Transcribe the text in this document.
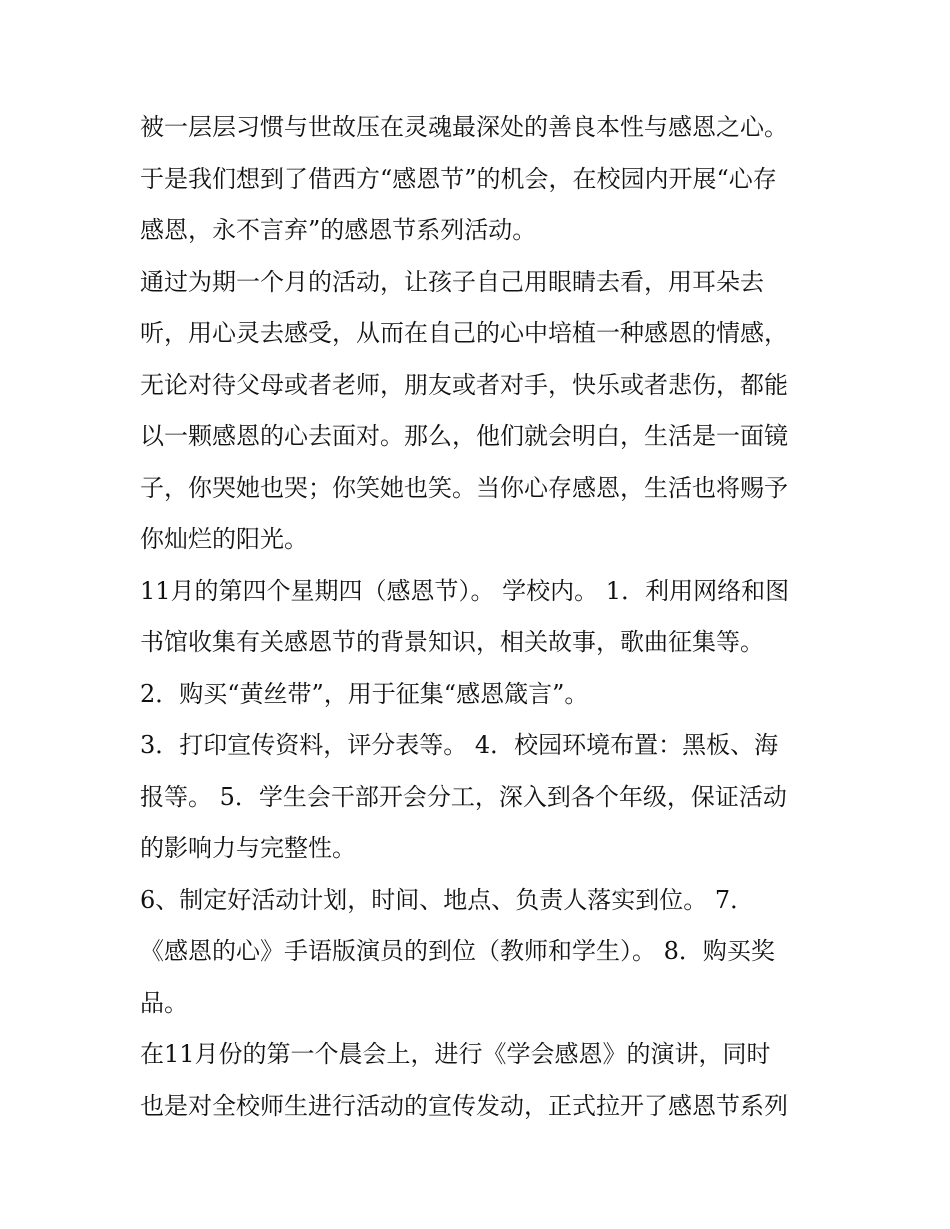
被一层层习惯与世故压在灵魂最深处的善良本性与感恩之心。
于是我们想到了借西方“感恩节”的机会，在校园内开展“心存
感恩，永不言弃”的感恩节系列活动。
通过为期一个月的活动，让孩子自己用眼睛去看，用耳朵去
听，用心灵去感受，从而在自己的心中培植一种感恩的情感，
无论对待父母或者老师，朋友或者对手，快乐或者悲伤，都能
以一颗感恩的心去面对。那么，他们就会明白，生活是一面镜
子，你哭她也哭；你笑她也笑。当你心存感恩，生活也将赐予
你灿烂的阳光。
11月的第四个星期四（感恩节）。 学校内。 1．利用网络和图
书馆收集有关感恩节的背景知识，相关故事，歌曲征集等。
2．购买“黄丝带”，用于征集“感恩箴言”。
3．打印宣传资料，评分表等。 4．校园环境布置：黑板、海
报等。 5．学生会干部开会分工，深入到各个年级，保证活动
的影响力与完整性。
6、制定好活动计划，时间、地点、负责人落实到位。 7．
《感恩的心》手语版演员的到位（教师和学生）。 8．购买奖
品。
在11月份的第一个晨会上，进行《学会感恩》的演讲，同时
也是对全校师生进行活动的宣传发动，正式拉开了感恩节系列
